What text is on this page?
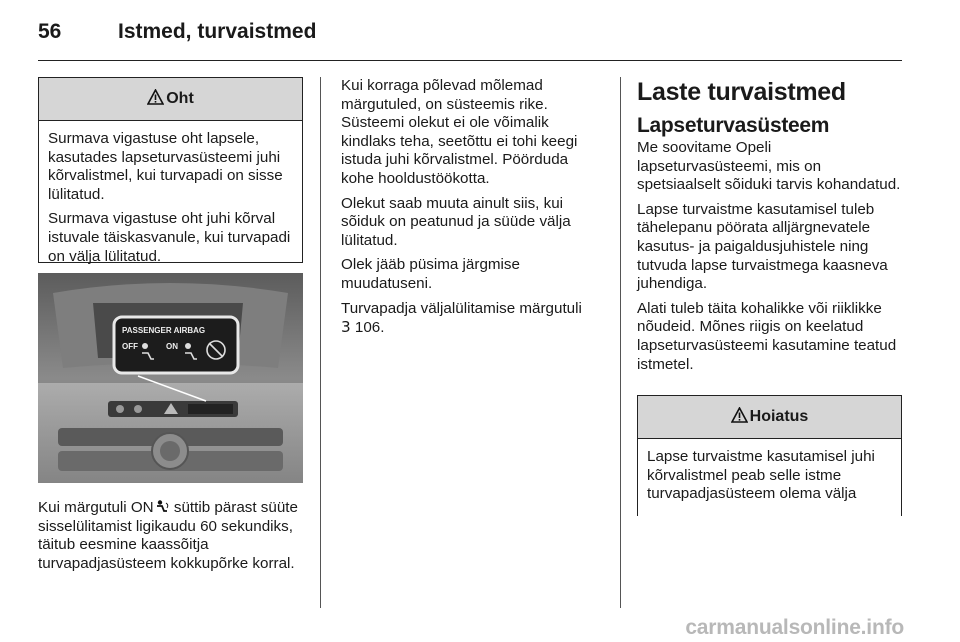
56	Istmed, turvaistmed
Oht

Surmava vigastuse oht lapsele, kasutades lapseturvasüsteemi juhi kõrvalistmel, kui turvapadi on sisse lülitatud.

Surmava vigastuse oht juhi kõrval istuvale täiskasvanule, kui turvapadi on välja lülitatud.

PASSENGER AIRBAG
OFF	ON
Kui märgutuli ON süttib pärast süüte sisselülitamist ligikaudu 60 sekundiks, täitub eesmine kaassõitja turvapadjasüsteem kokkupõrke korral.

Kui korraga põlevad mõlemad märgutuled, on süsteemis rike. Süsteemi olekut ei ole võimalik kindlaks teha, seetõttu ei tohi keegi istuda juhi kõrvalistmel. Pöörduda kohe hooldustöökotta.

Olekut saab muuta ainult siis, kui sõiduk on peatunud ja süüde välja lülitatud.

Olek jääb püsima järgmise muudatuseni.

Turvapadja väljalülitamise märgutuli
3 106.

Laste turvaistmed
Lapseturvasüsteem

Me soovitame Opeli lapseturvasüsteemi, mis on spetsiaalselt sõiduki tarvis kohandatud.

Lapse turvaistme kasutamisel tuleb tähelepanu pöörata alljärgnevatele kasutus- ja paigaldusjuhistele ning tutvuda lapse turvaistmega kaasneva juhendiga.

Alati tuleb täita kohalikke või riiklikke nõudeid. Mõnes riigis on keelatud lapseturvasüsteemi kasutamine teatud istmetel.

Hoiatus

Lapse turvaistme kasutamisel juhi kõrvalistmel peab selle istme turvapadjasüsteem olema välja

carmanualsonline.info
